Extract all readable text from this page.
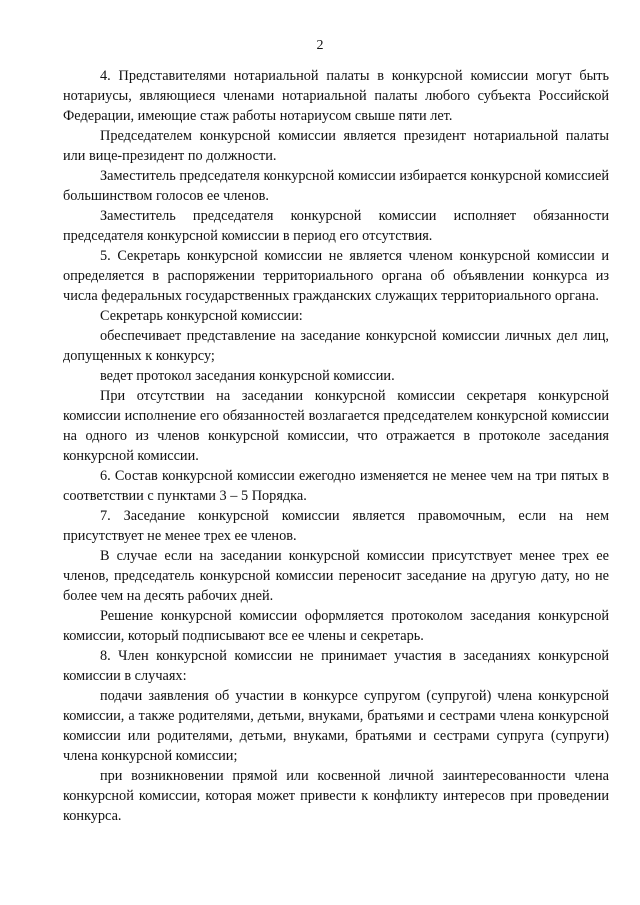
2

4. Представителями нотариальной палаты в конкурсной комиссии могут быть нотариусы, являющиеся членами нотариальной палаты любого субъекта Российской Федерации, имеющие стаж работы нотариусом свыше пяти лет.

Председателем конкурсной комиссии является президент нотариальной палаты или вице-президент по должности.

Заместитель председателя конкурсной комиссии избирается конкурсной комиссией большинством голосов ее членов.

Заместитель председателя конкурсной комиссии исполняет обязанности председателя конкурсной комиссии в период его отсутствия.

5. Секретарь конкурсной комиссии не является членом конкурсной комиссии и определяется в распоряжении территориального органа об объявлении конкурса из числа федеральных государственных гражданских служащих территориального органа.

Секретарь конкурсной комиссии:

обеспечивает представление на заседание конкурсной комиссии личных дел лиц, допущенных к конкурсу;

ведет протокол заседания конкурсной комиссии.

При отсутствии на заседании конкурсной комиссии секретаря конкурсной комиссии исполнение его обязанностей возлагается председателем конкурсной комиссии на одного из членов конкурсной комиссии, что отражается в протоколе заседания конкурсной комиссии.

6. Состав конкурсной комиссии ежегодно изменяется не менее чем на три пятых в соответствии с пунктами 3 – 5 Порядка.

7. Заседание конкурсной комиссии является правомочным, если на нем присутствует не менее трех ее членов.

В случае если на заседании конкурсной комиссии присутствует менее трех ее членов, председатель конкурсной комиссии переносит заседание на другую дату, но не более чем на десять рабочих дней.

Решение конкурсной комиссии оформляется протоколом заседания конкурсной комиссии, который подписывают все ее члены и секретарь.

8. Член конкурсной комиссии не принимает участия в заседаниях конкурсной комиссии в случаях:

подачи заявления об участии в конкурсе супругом (супругой) члена конкурсной комиссии, а также родителями, детьми, внуками, братьями и сестрами члена конкурсной комиссии или родителями, детьми, внуками, братьями и сестрами супруга (супруги) члена конкурсной комиссии;

при возникновении прямой или косвенной личной заинтересованности члена конкурсной комиссии, которая может привести к конфликту интересов при проведении конкурса.
